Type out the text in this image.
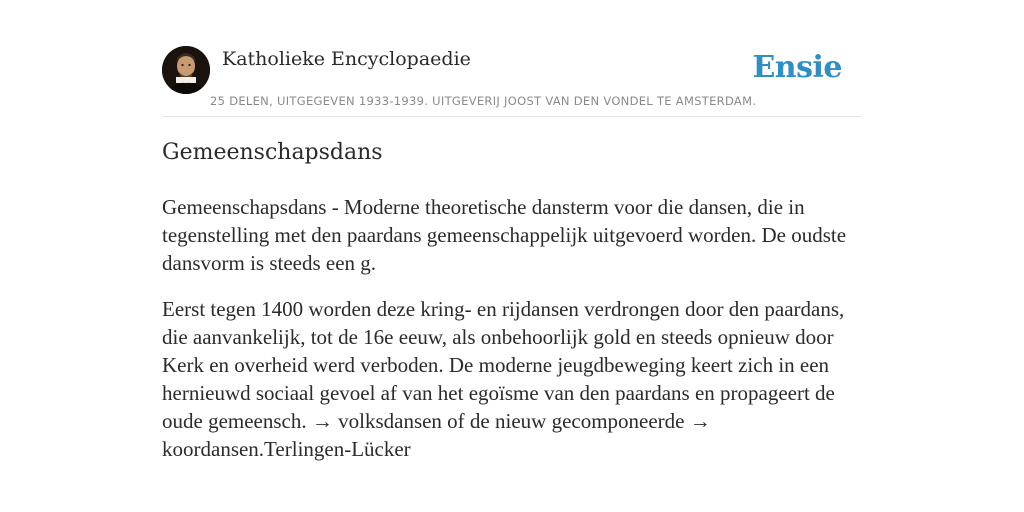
Katholieke Encyclopaedie
25 DELEN, UITGEGEVEN 1933-1939. UITGEVERIJ JOOST VAN DEN VONDEL TE AMSTERDAM.
Ensie
Gemeenschapsdans

Gemeenschapsdans - Moderne theoretische dansterm voor die dansen, die in tegenstelling met den paardans gemeenschappelijk uitgevoerd worden. De oudste dansvorm is steeds een g.

Eerst tegen 1400 worden deze kring- en rijdansen verdrongen door den paardans, die aanvankelijk, tot de 16e eeuw, als onbehoorlijk gold en steeds opnieuw door Kerk en overheid werd verboden. De moderne jeugdbeweging keert zich in een hernieuwd sociaal gevoel af van het egoïsme van den paardans en propageert de oude gemeensch. → volksdansen of de nieuw gecomponeerde → koordansen.Terlingen-Lücker
